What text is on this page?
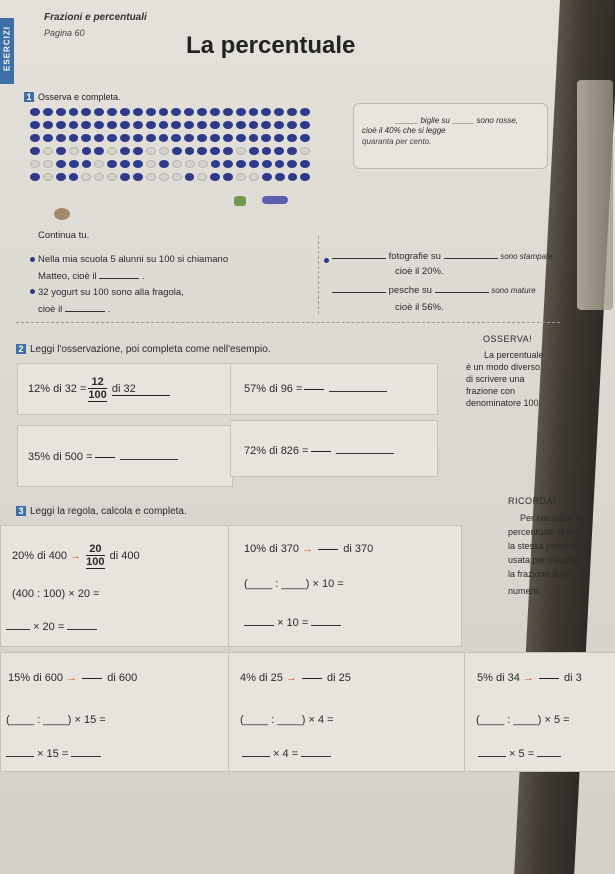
ESERCIZI
Frazioni e percentuali
Pagina 60	La percentuale
1 Osserva e completa.
_____ biglie su _____ sono rosse,
cioè il 40% che si legge
quaranta per cento.
Continua tu.
Nella mia scuola 5 alunni su 100 si chiamano
Matteo, cioè il	.
32 yogurt su 100 sono alla fragola,
cioè il	.
fotografie su	sono stampate
cioè il 20%.
pesche su	sono mature
cioè il 56%.
2 Leggi l'osservazione, poi completa come nell'esempio.
12% di $32 = \frac{12}{100}$ di 32	57% di 96 =

35% di 500 =
	72% di 826 =

OSSERVA!
La percentuale
è un modo diverso
di scrivere una
frazione con
denominatore 100.
3 Leggi la regola, calcola e completa.
20% di $400 \to \frac{20}{100}$ di 400
(400 : 100) × 20 =
× 20 =
10% di 370 →	di 370
(____ : ____) × 10 =
× 10 =
RICORDA!
Per calcolare la
percentuale si seg
la stessa procedu
usata per calcolar
la frazione di un
numero.
15% di 600 →	di 600
(____ : ____) × 15 =
× 15 =
4% di 25 →	di 25
(____ : ____) × 4 =
× 4 =
5% di 34 →	di 3
(____ : ____) × 5 =
× 5 =
